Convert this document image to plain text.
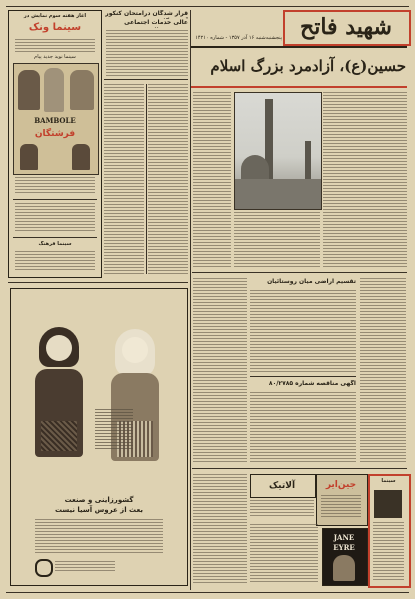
شهید فاتح
پنجشنبه‌شنبه ۱۶ آذر ۱۳۵۷ - شماره ۱۴۲۱۰
حسین(ع)، آزادمرد بزرگ اسلام
قرار شدگان درامتحان کنکور
عالی خدمات اجتماعی
آغاز هفته سوم نمایش در
سینما ونک
سینما نوید جدید پیام
BAMBOLE
فرشتگان
سینما فرهنگ
گشورزاینی و صنعت
بعث از عروس آسیا نیست
تقسیم اراضی میان روستائیان
آگهی مناقصه شماره ۸۰/۲۷۸۵
آلاتیک	جین‌ایر
JANE EYRE
سینما
